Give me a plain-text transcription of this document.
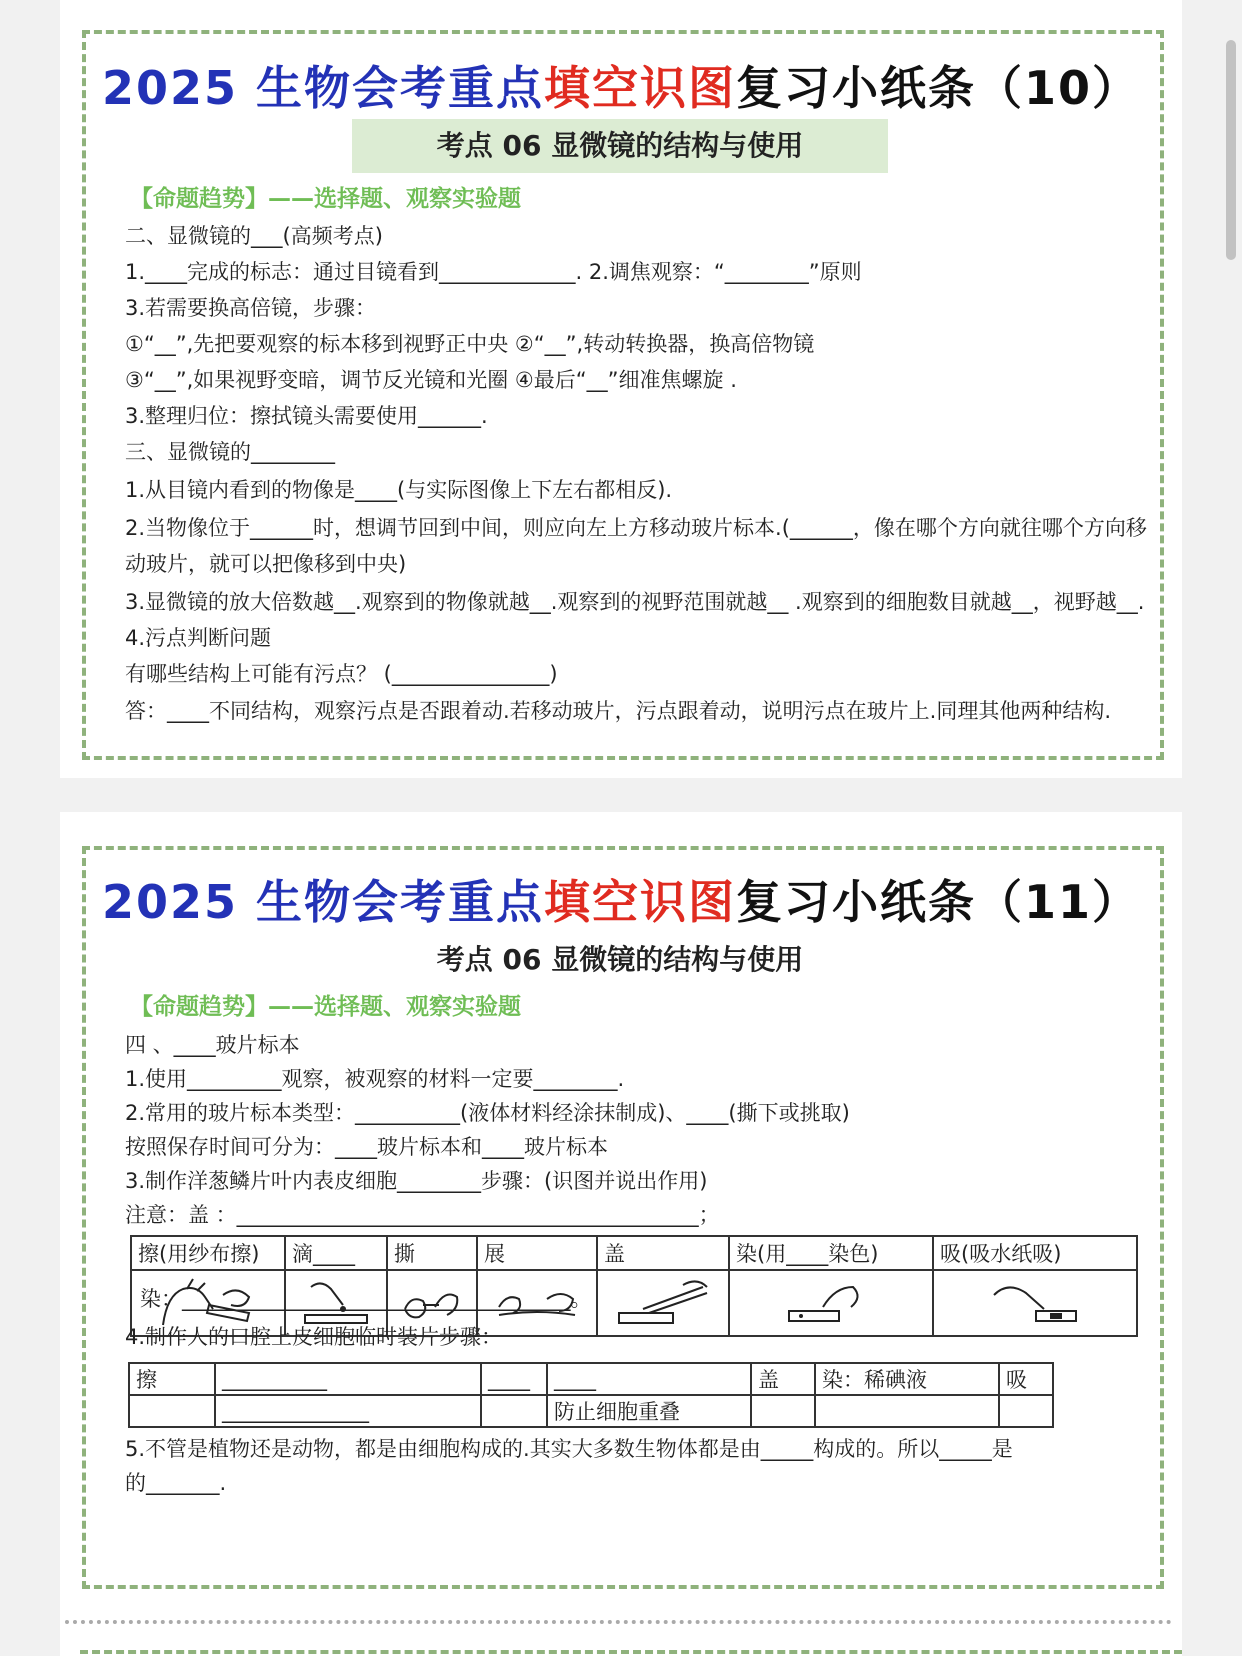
2025 生物会考重点填空识图复习小纸条（10）
考点 06 显微镜的结构与使用
【命题趋势】——选择题、观察实验题
二、显微镜的___(高频考点)
1.____完成的标志：通过目镜看到_____________. 2.调焦观察：“________”原则
3.若需要换高倍镜，步骤：
①“__”,先把要观察的标本移到视野正中央 ②“__”,转动转换器，换高倍物镜
③“__”,如果视野变暗，调节反光镜和光圈 ④最后“__”细准焦螺旋 .
3.整理归位：擦拭镜头需要使用______.
三、显微镜的________
1.从目镜内看到的物像是____(与实际图像上下左右都相反).
2.当物像位于______时，想调节回到中间，则应向左上方移动玻片标本.(______，像在哪个方向就往哪个方向移
动玻片，就可以把像移到中央)
3.显微镜的放大倍数越__.观察到的物像就越__.观察到的视野范围就越__ .观察到的细胞数目就越__，视野越__.
4.污点判断问题
有哪些结构上可能有污点？ (_______________)
答：____不同结构，观察污点是否跟着动.若移动玻片，污点跟着动，说明污点在玻片上.同理其他两种结构.
2025 生物会考重点填空识图复习小纸条（11）
考点 06 显微镜的结构与使用
【命题趋势】——选择题、观察实验题
四 、____玻片标本
1.使用_________观察，被观察的材料一定要________.
2.常用的玻片标本类型：__________(液体材料经涂抹制成)、____(撕下或挑取)
按照保存时间可分为：____玻片标本和____玻片标本
3.制作洋葱鳞片叶内表皮细胞________步骤：(识图并说出作用)
注意：盖 ：____________________________________________；
擦(用纱布擦)	滴____	撕	展	盖	染(用____染色)	吸(吸水纸吸)

染：_____________________________________。
4.制作人的口腔上皮细胞临时装片步骤：
擦	__________	____	____	盖	染：稀碘液	吸
	______________		防止细胞重叠			
5.不管是植物还是动物，都是由细胞构成的.其实大多数生物体都是由_____构成的。所以_____是
的_______.
